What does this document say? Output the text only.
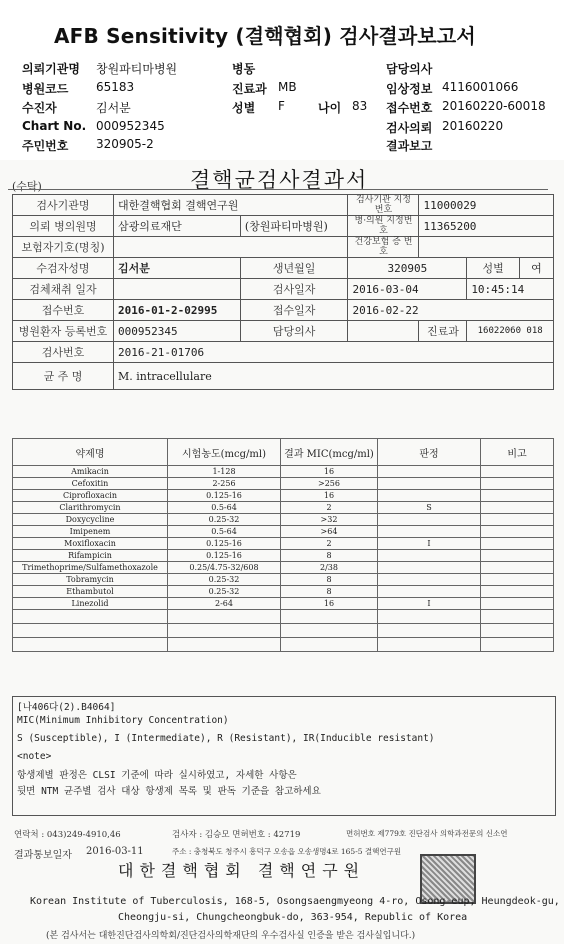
AFB Sensitivity (결핵협회) 검사결과보고서
의뢰기관명 창원파티마병원	병동	담당의사
병원코드 65183	진료과 MB	임상정보 4116001066
수진자	김서분	성별 F	나이 83 접수번호 20160220-60018
Chart No. 000952345	검사의뢰 20160220
주민번호 320905-2	결과보고
(수탁)	결핵균검사결과서
검사기관명	대한결핵협회 결핵연구원		검사기관 지정번호	11000029		
의뢰 병의원명	삼광의료재단	(창원파티마병원)	병·의원 지정번호	11365200		
보험자기호(명칭)			건강보험 증 번 호			
수검자성명	김서분	생년월일	320905		성별	여
검체채취 일자		검사일자	2016-03-04		10:45:14	
접수번호	2016-01-2-02995	접수일자	2016-02-22			
병원환자 등록번호	000952345	담당의사		진료과	16022060 018	
검사번호	2016-21-01706					
균 주 명	M. intracellulare					
약제명	시험농도(mcg/ml)	결과 MIC(mcg/ml)	판정	비고
Amikacin	1-128	16		
Cefoxitin	2-256	>256		
Ciprofloxacin	0.125-16	16		
Clarithromycin	0.5-64	2	S	
Doxycycline	0.25-32	>32		
Imipenem	0.5-64	>64		
Moxifloxacin	0.125-16	2	I	
Rifampicin	0.125-16	8		
Trimethoprime/Sulfamethoxazole	0.25/4.75-32/608	2/38		
Tobramycin	0.25-32	8		
Ethambutol	0.25-32	8		
Linezolid	2-64	16	I	

[나406다(2).B4064]
MIC(Minimum Inhibitory Concentration)
S (Susceptible), I (Intermediate), R (Resistant), IR(Inducible resistant)
<note>
항생제별 판정은 CLSI 기준에 따라 실시하였고, 자세한 사항은
뒷면 NTM 균주별 검사 대상 항생제 목록 및 판독 기준을 참고하세요
연락처 : 043)249-4910,46	검사자 : 김승모 면허번호 : 42719	면허번호 제779호 진단검사 의학과전문의 신소연
결과통보일자 2016-03-11	주소 : 충청북도 청주시 흥덕구 오송읍 오송생명4로 165-5 결핵연구원
대한결핵협회 결핵연구원
Korean Institute of Tuberculosis, 168-5, Osongsaengmyeong 4-ro, Osong-eup, Heungdeok-gu,
Cheongju-si, Chungcheongbuk-do, 363-954, Republic of Korea
(본 검사서는 대한진단검사의학회/진단검사의학재단의 우수검사실 인증을 받은 검사실입니다.)
